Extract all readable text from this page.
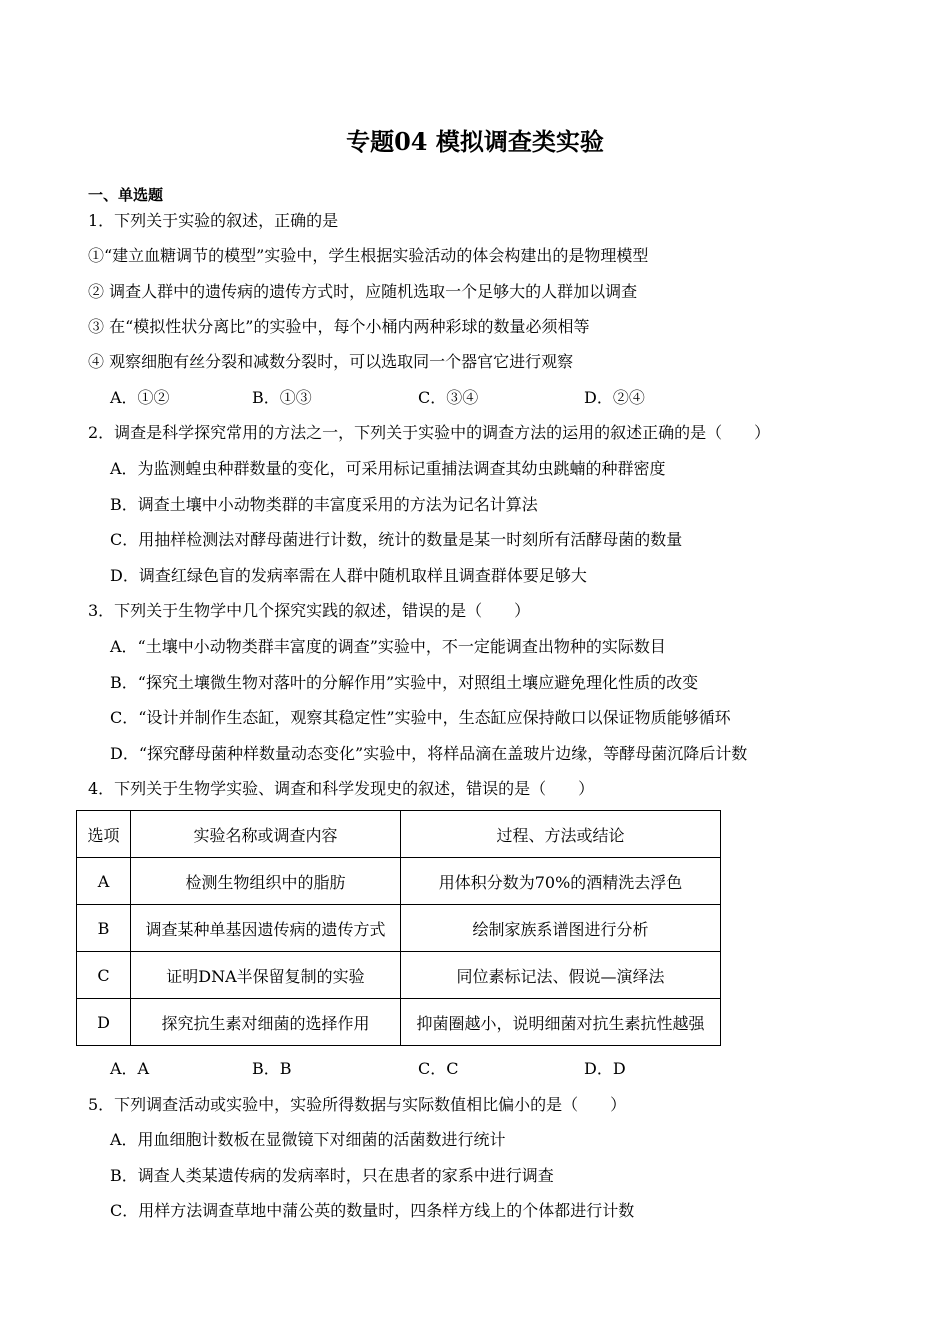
专题04 模拟调查类实验
一、单选题
1．下列关于实验的叙述，正确的是
①“建立血糖调节的模型”实验中，学生根据实验活动的体会构建出的是物理模型
② 调查人群中的遗传病的遗传方式时，应随机选取一个足够大的人群加以调查
③ 在“模拟性状分离比”的实验中，每个小桶内两种彩球的数量必须相等
④ 观察细胞有丝分裂和减数分裂时，可以选取同一个器官它进行观察
A．①②	B．①③	C．③④	D．②④
2．调查是科学探究常用的方法之一，下列关于实验中的调查方法的运用的叙述正确的是（　　）
A．为监测蝗虫种群数量的变化，可采用标记重捕法调查其幼虫跳蝻的种群密度
B．调查土壤中小动物类群的丰富度采用的方法为记名计算法
C．用抽样检测法对酵母菌进行计数，统计的数量是某一时刻所有活酵母菌的数量
D．调查红绿色盲的发病率需在人群中随机取样且调查群体要足够大
3．下列关于生物学中几个探究实践的叙述，错误的是（　　）
A．“土壤中小动物类群丰富度的调查”实验中，不一定能调查出物种的实际数目
B．“探究土壤微生物对落叶的分解作用”实验中，对照组土壤应避免理化性质的改变
C．“设计并制作生态缸，观察其稳定性”实验中，生态缸应保持敞口以保证物质能够循环
D．“探究酵母菌种样数量动态变化”实验中，将样品滴在盖玻片边缘，等酵母菌沉降后计数
4．下列关于生物学实验、调查和科学发现史的叙述，错误的是（　　）
选项	实验名称或调查内容	过程、方法或结论
A	检测生物组织中的脂肪	用体积分数为70%的酒精洗去浮色
B	调查某种单基因遗传病的遗传方式	绘制家族系谱图进行分析
C	证明DNA半保留复制的实验	同位素标记法、假说—演绎法
D	探究抗生素对细菌的选择作用	抑菌圈越小，说明细菌对抗生素抗性越强
A．A	B．B	C．C	D．D
5．下列调查活动或实验中，实验所得数据与实际数值相比偏小的是（　　）
A．用血细胞计数板在显微镜下对细菌的活菌数进行统计
B．调查人类某遗传病的发病率时，只在患者的家系中进行调查
C．用样方法调查草地中蒲公英的数量时，四条样方线上的个体都进行计数
